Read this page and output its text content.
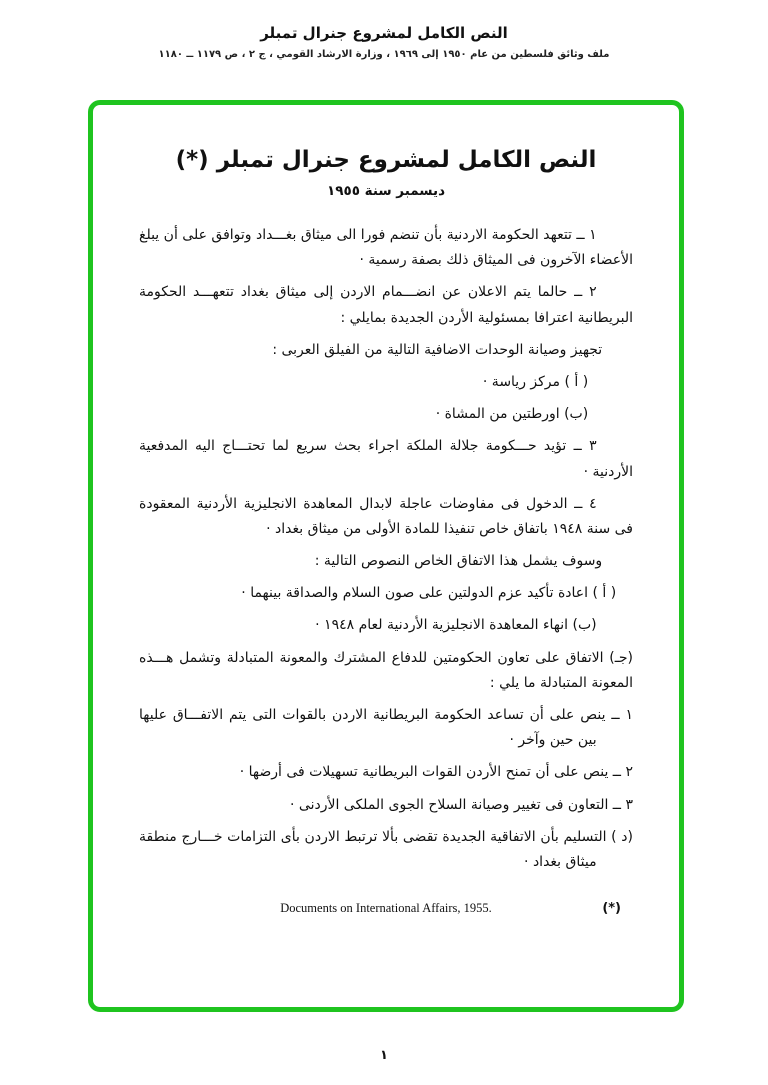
النص الكامل لمشروع جنرال تمبلر
ملف وثائق فلسطين من عام ١٩٥٠ إلى ١٩٦٩ ، وزارة الارشاد القومي ، ج ٢ ، ص ١١٧٩ ــ ١١٨٠
النص الكامل لمشروع جنرال تمبلر (*)
ديسمبر سنة ١٩٥٥

١ ــ تتعهد الحكومة الاردنية بأن تنضم فورا الى ميثاق بغـــداد وتوافق على أن يبلغ الأعضاء الآخرون فى الميثاق ذلك بصفة رسمية ·

٢ ــ حالما يتم الاعلان عن انضـــمام الاردن إلى ميثاق بغداد تتعهـــد الحكومة البريطانية اعترافا بمسئولية الأردن الجديدة بمايلي :

تجهيز وصيانة الوحدات الاضافية التالية من الفيلق العربى :

( أ ) مركز رياسة ·

(ب) اورطتين من المشاة ·

٣ ــ تؤيد حـــكومة جلالة الملكة اجراء بحث سريع لما تحتـــاج اليه المدفعية الأردنية ·

٤ ــ الدخول فى مفاوضات عاجلة لابدال المعاهدة الانجليزية الأردنية المعقودة فى سنة ١٩٤٨ باتفاق خاص تنفيذا للمادة الأولى من ميثاق بغداد ·

وسوف يشمل هذا الاتفاق الخاص النصوص التالية :

( أ ) اعادة تأكيد عزم الدولتين على صون السلام والصداقة بينهما ·

(ب) انهاء المعاهدة الانجليزية الأردنية لعام ١٩٤٨ ·

(جـ) الاتفاق على تعاون الحكومتين للدفاع المشترك والمعونة المتبادلة وتشمل هـــذه المعونة المتبادلة ما يلي :

١ ــ ينص على أن تساعد الحكومة البريطانية الاردن بالقوات التى يتم الاتفـــاق عليها بين حين وآخر ·

٢ ــ ينص على أن تمنح الأردن القوات البريطانية تسهيلات فى أرضها ·

٣ ــ التعاون فى تغيير وصيانة السلاح الجوى الملكى الأردنى ·

(د ) التسليم بأن الاتفاقية الجديدة تقضى بألا ترتبط الاردن بأى التزامات خـــارج منطقة ميثاق بغداد ·

(*)
Documents on International Affairs, 1955.
١
